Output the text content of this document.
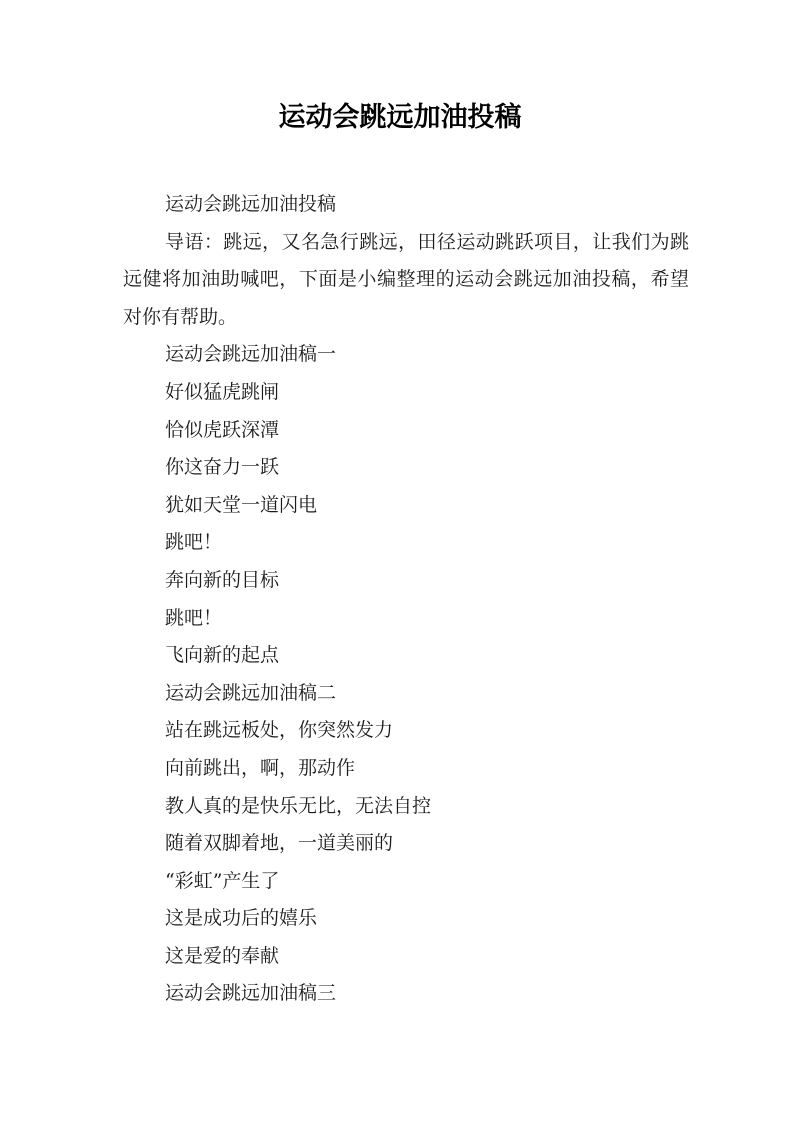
运动会跳远加油投稿
运动会跳远加油投稿

导语：跳远，又名急行跳远，田径运动跳跃项目，让我们为跳远健将加油助喊吧，下面是小编整理的运动会跳远加油投稿，希望对你有帮助。

运动会跳远加油稿一
好似猛虎跳闸
恰似虎跃深潭
你这奋力一跃
犹如天堂一道闪电
跳吧！
奔向新的目标
跳吧！
飞向新的起点
运动会跳远加油稿二
站在跳远板处，你突然发力
向前跳出，啊，那动作
教人真的是快乐无比，无法自控
随着双脚着地，一道美丽的
“彩虹”产生了
这是成功后的嬉乐
这是爱的奉献
运动会跳远加油稿三
